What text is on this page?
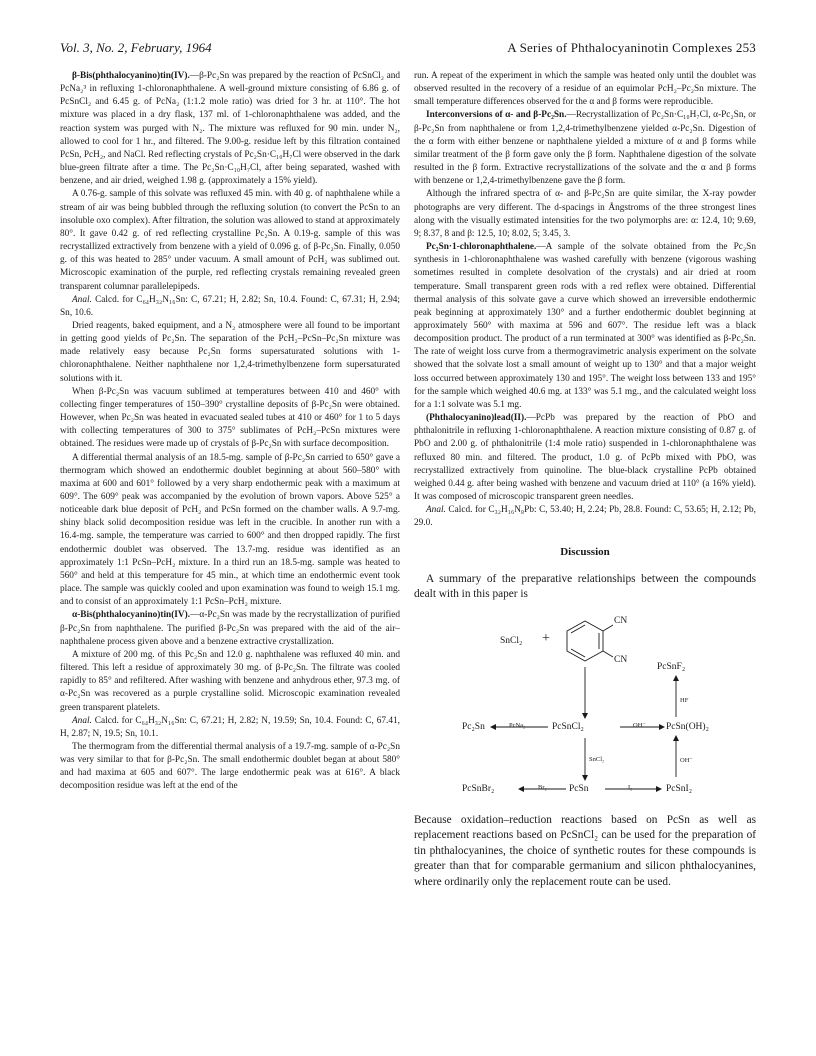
Vol. 3, No. 2, February, 1964	A Series of Phthalocyaninotin Complexes 253

β-Bis(phthalocyanino)tin(IV).—β-Pc₂Sn was prepared by the reaction of PcSnCl₂ and PcNa₂³ in refluxing 1-chloronaphthalene. A well-ground mixture consisting of 6.86 g. of PcSnCl₂ and 6.45 g. of PcNa₂ (1:1.2 mole ratio) was dried for 3 hr. at 110°. The hot mixture was placed in a dry flask, 137 ml. of 1-chloronaphthalene was added, and the reaction system was purged with N₂. The mixture was refluxed for 90 min. under N₂, allowed to cool for 1 hr., and filtered. The 9.00-g. residue left by this filtration contained PcSn, PcH₂, and NaCl. Red reflecting crystals of Pc₂Sn·C₁₀H₇Cl were observed in the dark blue-green filtrate after a time. The Pc₂Sn·C₁₀H₇Cl, after being separated, washed with benzene, and air dried, weighed 1.98 g. (approximately a 15% yield).

A 0.76-g. sample of this solvate was refluxed 45 min. with 40 g. of naphthalene while a stream of air was being bubbled through the refluxing solution (to convert the PcSn to an insoluble oxo complex). After filtration, the solution was allowed to stand at approximately 80°. It gave 0.42 g. of red reflecting crystalline Pc₂Sn. A 0.19-g. sample of this was recrystallized extractively from benzene with a yield of 0.096 g. of β-Pc₂Sn. Finally, 0.050 g. of this was heated to 285° under vacuum. A small amount of PcH₂ was sublimed out. Microscopic examination of the purple, red reflecting crystals remaining revealed green transparent columnar parallelepipeds.

Anal. Calcd. for C₆₄H₃₂N₁₆Sn: C, 67.21; H, 2.82; Sn, 10.4. Found: C, 67.31; H, 2.94; Sn, 10.6.

Dried reagents, baked equipment, and a N₂ atmosphere were all found to be important in getting good yields of Pc₂Sn. The separation of the PcH₂–PcSn–Pc₂Sn mixture was made relatively easy because Pc₂Sn forms supersaturated solutions with 1-chloronaphthalene. Neither naphthalene nor 1,2,4-trimethylbenzene form supersaturated solutions with it.

When β-Pc₂Sn was vacuum sublimed at temperatures between 410 and 460° with collecting finger temperatures of 150–390° crystalline deposits of β-Pc₂Sn were obtained. However, when Pc₂Sn was heated in evacuated sealed tubes at 410 or 460° for 1 to 5 days with collecting temperatures of 300 to 375° sublimates of PcH₂–PcSn mixtures were obtained. The residues were made up of crystals of β-Pc₂Sn with surface decomposition.

A differential thermal analysis of an 18.5-mg. sample of β-Pc₂Sn carried to 650° gave a thermogram which showed an endothermic doublet beginning at about 560–580° with maxima at 600 and 601° followed by a very sharp endothermic peak with a maximum at 609°. The 609° peak was accompanied by the evolution of brown vapors. Above 525° a noticeable dark blue deposit of PcH₂ and PcSn formed on the chamber walls. A 9.7-mg. shiny black solid decomposition residue was left in the crucible. In another run with a 16.4-mg. sample, the temperature was carried to 600° and then dropped rapidly. The first endothermic doublet was observed. The 13.7-mg. residue was identified as an approximately 1:1 PcSn–PcH₂ mixture. In a third run an 18.5-mg. sample was heated to 560° and held at this temperature for 45 min., at which time an endothermic event took place. The sample was quickly cooled and upon examination was found to weigh 15.1 mg. and to consist of an approximately 1:1 PcSn–PcH₂ mixture.

α-Bis(phthalocyanino)tin(IV).—α-Pc₂Sn was made by the recrystallization of purified β-Pc₂Sn from naphthalene. The purified β-Pc₂Sn was prepared with the aid of the air–naphthalene process given above and a benzene extractive crystallization.

A mixture of 200 mg. of this Pc₂Sn and 12.0 g. naphthalene was refluxed 40 min. and filtered. This left a residue of approximately 30 mg. of β-Pc₂Sn. The filtrate was cooled rapidly to 85° and refiltered. After washing with benzene and anhydrous ether, 97.3 mg. of α-Pc₂Sn was recovered as a purple crystalline solid. Microscopic examination revealed green transparent platelets.

Anal. Calcd. for C₆₄H₃₂N₁₆Sn: C, 67.21; H, 2.82; N, 19.59; Sn, 10.4. Found: C, 67.41, H, 2.87; N, 19.5; Sn, 10.1.

The thermogram from the differential thermal analysis of a 19.7-mg. sample of α-Pc₂Sn was very similar to that for β-Pc₂Sn. The small endothermic doublet began at about 580° and had maxima at 605 and 607°. The large endothermic peak was at 616°. A black decomposition residue was left at the end of the

run. A repeat of the experiment in which the sample was heated only until the doublet was observed resulted in the recovery of a residue of an equimolar PcH₂–Pc₂Sn mixture. The small temperature differences observed for the α and β forms were reproducible.

Interconversions of α- and β-Pc₂Sn.—Recrystallization of Pc₂Sn·C₁₀H₇Cl, α-Pc₂Sn, or β-Pc₂Sn from naphthalene or from 1,2,4-trimethylbenzene yielded α-Pc₂Sn. Digestion of the α form with either benzene or naphthalene yielded a mixture of α and β forms while similar treatment of the β form gave only the β form. Naphthalene digestion of the solvate resulted in the β form. Extractive recrystallizations of the solvate and the α and β forms with benzene or 1,2,4-trimethylbenzene gave the β form.

Although the infrared spectra of α- and β-Pc₂Sn are quite similar, the X-ray powder photographs are very different. The d-spacings in Ångstroms of the three strongest lines along with the visually estimated intensities for the two polymorphs are: α: 12.4, 10; 9.69, 9; 8.37, 8 and β: 12.5, 10; 8.02, 5; 3.45, 3.

Pc₂Sn·1-chloronaphthalene.—A sample of the solvate obtained from the Pc₂Sn synthesis in 1-chloronaphthalene was washed carefully with benzene (vigorous washing sometimes resulted in complete desolvation of the crystals) and air dried at room temperature. Small transparent green rods with a red reflex were obtained. Differential thermal analysis of this solvate gave a curve which showed an irreversible endothermic peak beginning at approximately 130° and a further endothermic doublet beginning at approximately 560° with maxima at 596 and 607°. The residue left was a black decomposition product. The product of a run terminated at 300° was identified as β-Pc₂Sn. The rate of weight loss curve from a thermogravimetric analysis experiment on the solvate showed that the solvate lost a small amount of weight up to 130° and that a major weight loss occurred between approximately 130 and 195°. The weight loss between 133 and 195° for the sample which weighed 40.6 mg. at 133° was 5.1 mg., and the calculated weight loss for a 1:1 solvate was 5.1 mg.

(Phthalocyanino)lead(II).—PcPb was prepared by the reaction of PbO and phthalonitrile in refluxing 1-chloronaphthalene. A reaction mixture consisting of 0.87 g. of PbO and 2.00 g. of phthalonitrile (1:4 mole ratio) suspended in 1-chloronaphthalene was refluxed 80 min. and filtered. The product, 1.0 g. of PcPb mixed with PbO, was recrystallized extractively from quinoline. The blue-black crystalline PcPb obtained weighed 0.44 g. after being washed with benzene and vacuum dried at 110° (a 16% yield). It was composed of microscopic transparent green needles.

Anal. Calcd. for C₃₂H₁₆N₈Pb: C, 53.40; H, 2.24; Pb, 28.8. Found: C, 53.65; H, 2.12; Pb, 29.0.

Discussion

A summary of the preparative relationships between the compounds dealt with in this paper is

SnCl₂ +
CN
CN
PcSnF₂
HF
Pc₂Sn	PcNa₂	PcSnCl₂	OH⁻ PcSn(OH)₂
SnCl₂	OH⁻
PcSnBr₂	Br₂ PcSn	I₂	PcSnI₂

Because oxidation–reduction reactions based on PcSn as well as replacement reactions based on PcSnCl₂ can be used for the preparation of tin phthalocyanines, the choice of synthetic routes for these compounds is greater than that for comparable germanium and silicon phthalocyanines, where ordinarily only the replacement route can be used.
